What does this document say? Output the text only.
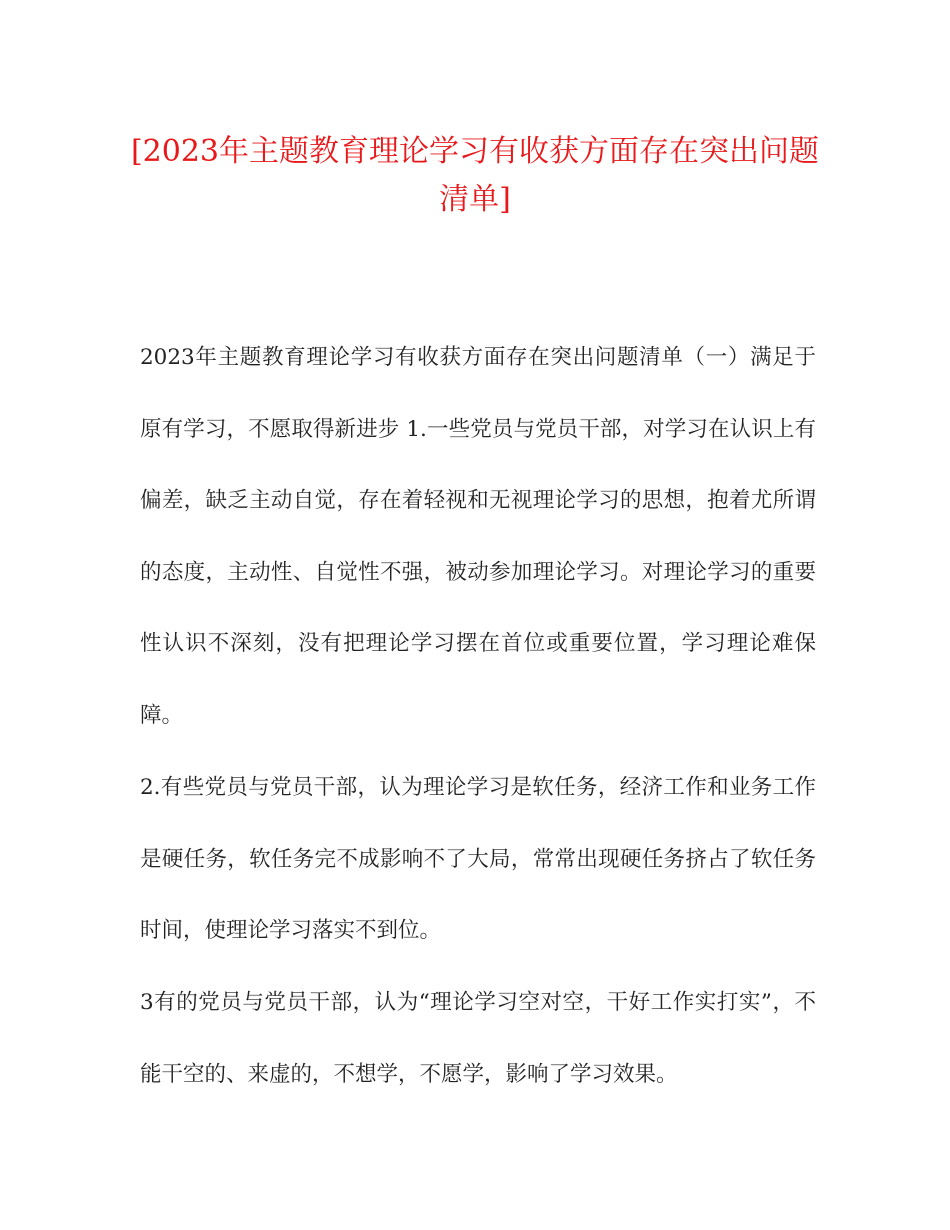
[2023年主题教育理论学习有收获方面存在突出问题清单]

2023年主题教育理论学习有收获方面存在突出问题清单（一）满足于原有学习，不愿取得新进步 1.一些党员与党员干部，对学习在认识上有偏差，缺乏主动自觉，存在着轻视和无视理论学习的思想，抱着尤所谓的态度，主动性、自觉性不强，被动参加理论学习。对理论学习的重要性认识不深刻，没有把理论学习摆在首位或重要位置，学习理论难保障。

2.有些党员与党员干部，认为理论学习是软任务，经济工作和业务工作是硬任务，软任务完不成影响不了大局，常常出现硬任务挤占了软任务时间，使理论学习落实不到位。

3有的党员与党员干部，认为“理论学习空对空，干好工作实打实”，不能干空的、来虚的，不想学，不愿学，影响了学习效果。
